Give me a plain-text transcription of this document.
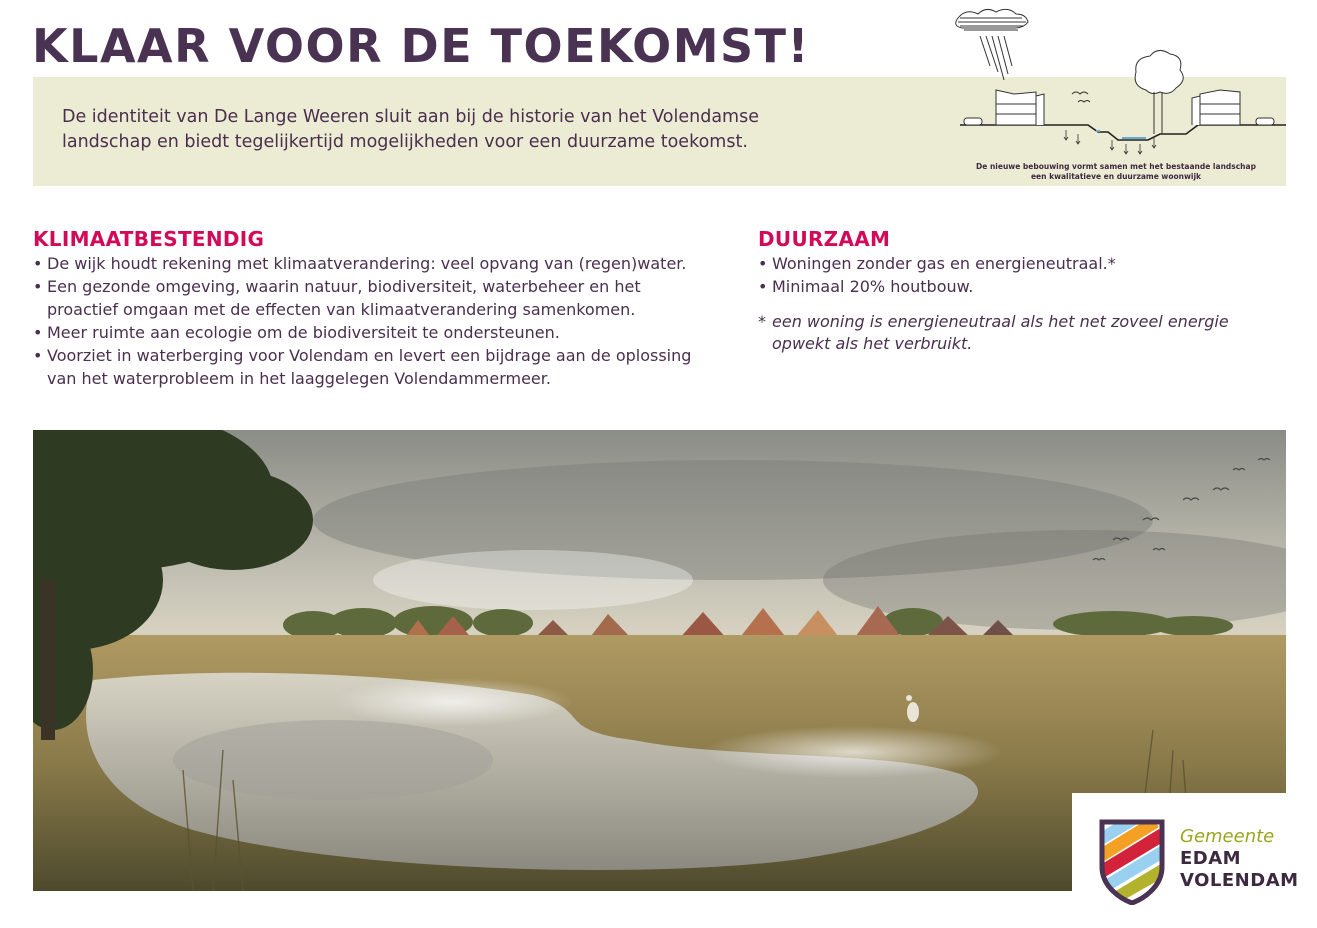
KLAAR VOOR DE TOEKOMST!
De identiteit van De Lange Weeren sluit aan bij de historie van het Volendamse landschap en biedt tegelijkertijd mogelijkheden voor een duurzame toekomst.
De nieuwe bebouwing vormt samen met het bestaande landschap
een kwalitatieve en duurzame woonwijk
KLIMAATBESTENDIG
• De wijk houdt rekening met klimaatverandering: veel opvang van (regen)water.
• Een gezonde omgeving, waarin natuur, biodiversiteit, waterbeheer en het proactief omgaan met de effecten van klimaatverandering samenkomen.
• Meer ruimte aan ecologie om de biodiversiteit te ondersteunen.
• Voorziet in waterberging voor Volendam en levert een bijdrage aan de oplossing van het waterprobleem in het laaggelegen Volendammermeer.
DUURZAAM
• Woningen zonder gas en energieneutraal.*
• Minimaal 20% houtbouw.
* een woning is energieneutraal als het net zoveel energie opwekt als het verbruikt.
Gemeente
EDAM
VOLENDAM
